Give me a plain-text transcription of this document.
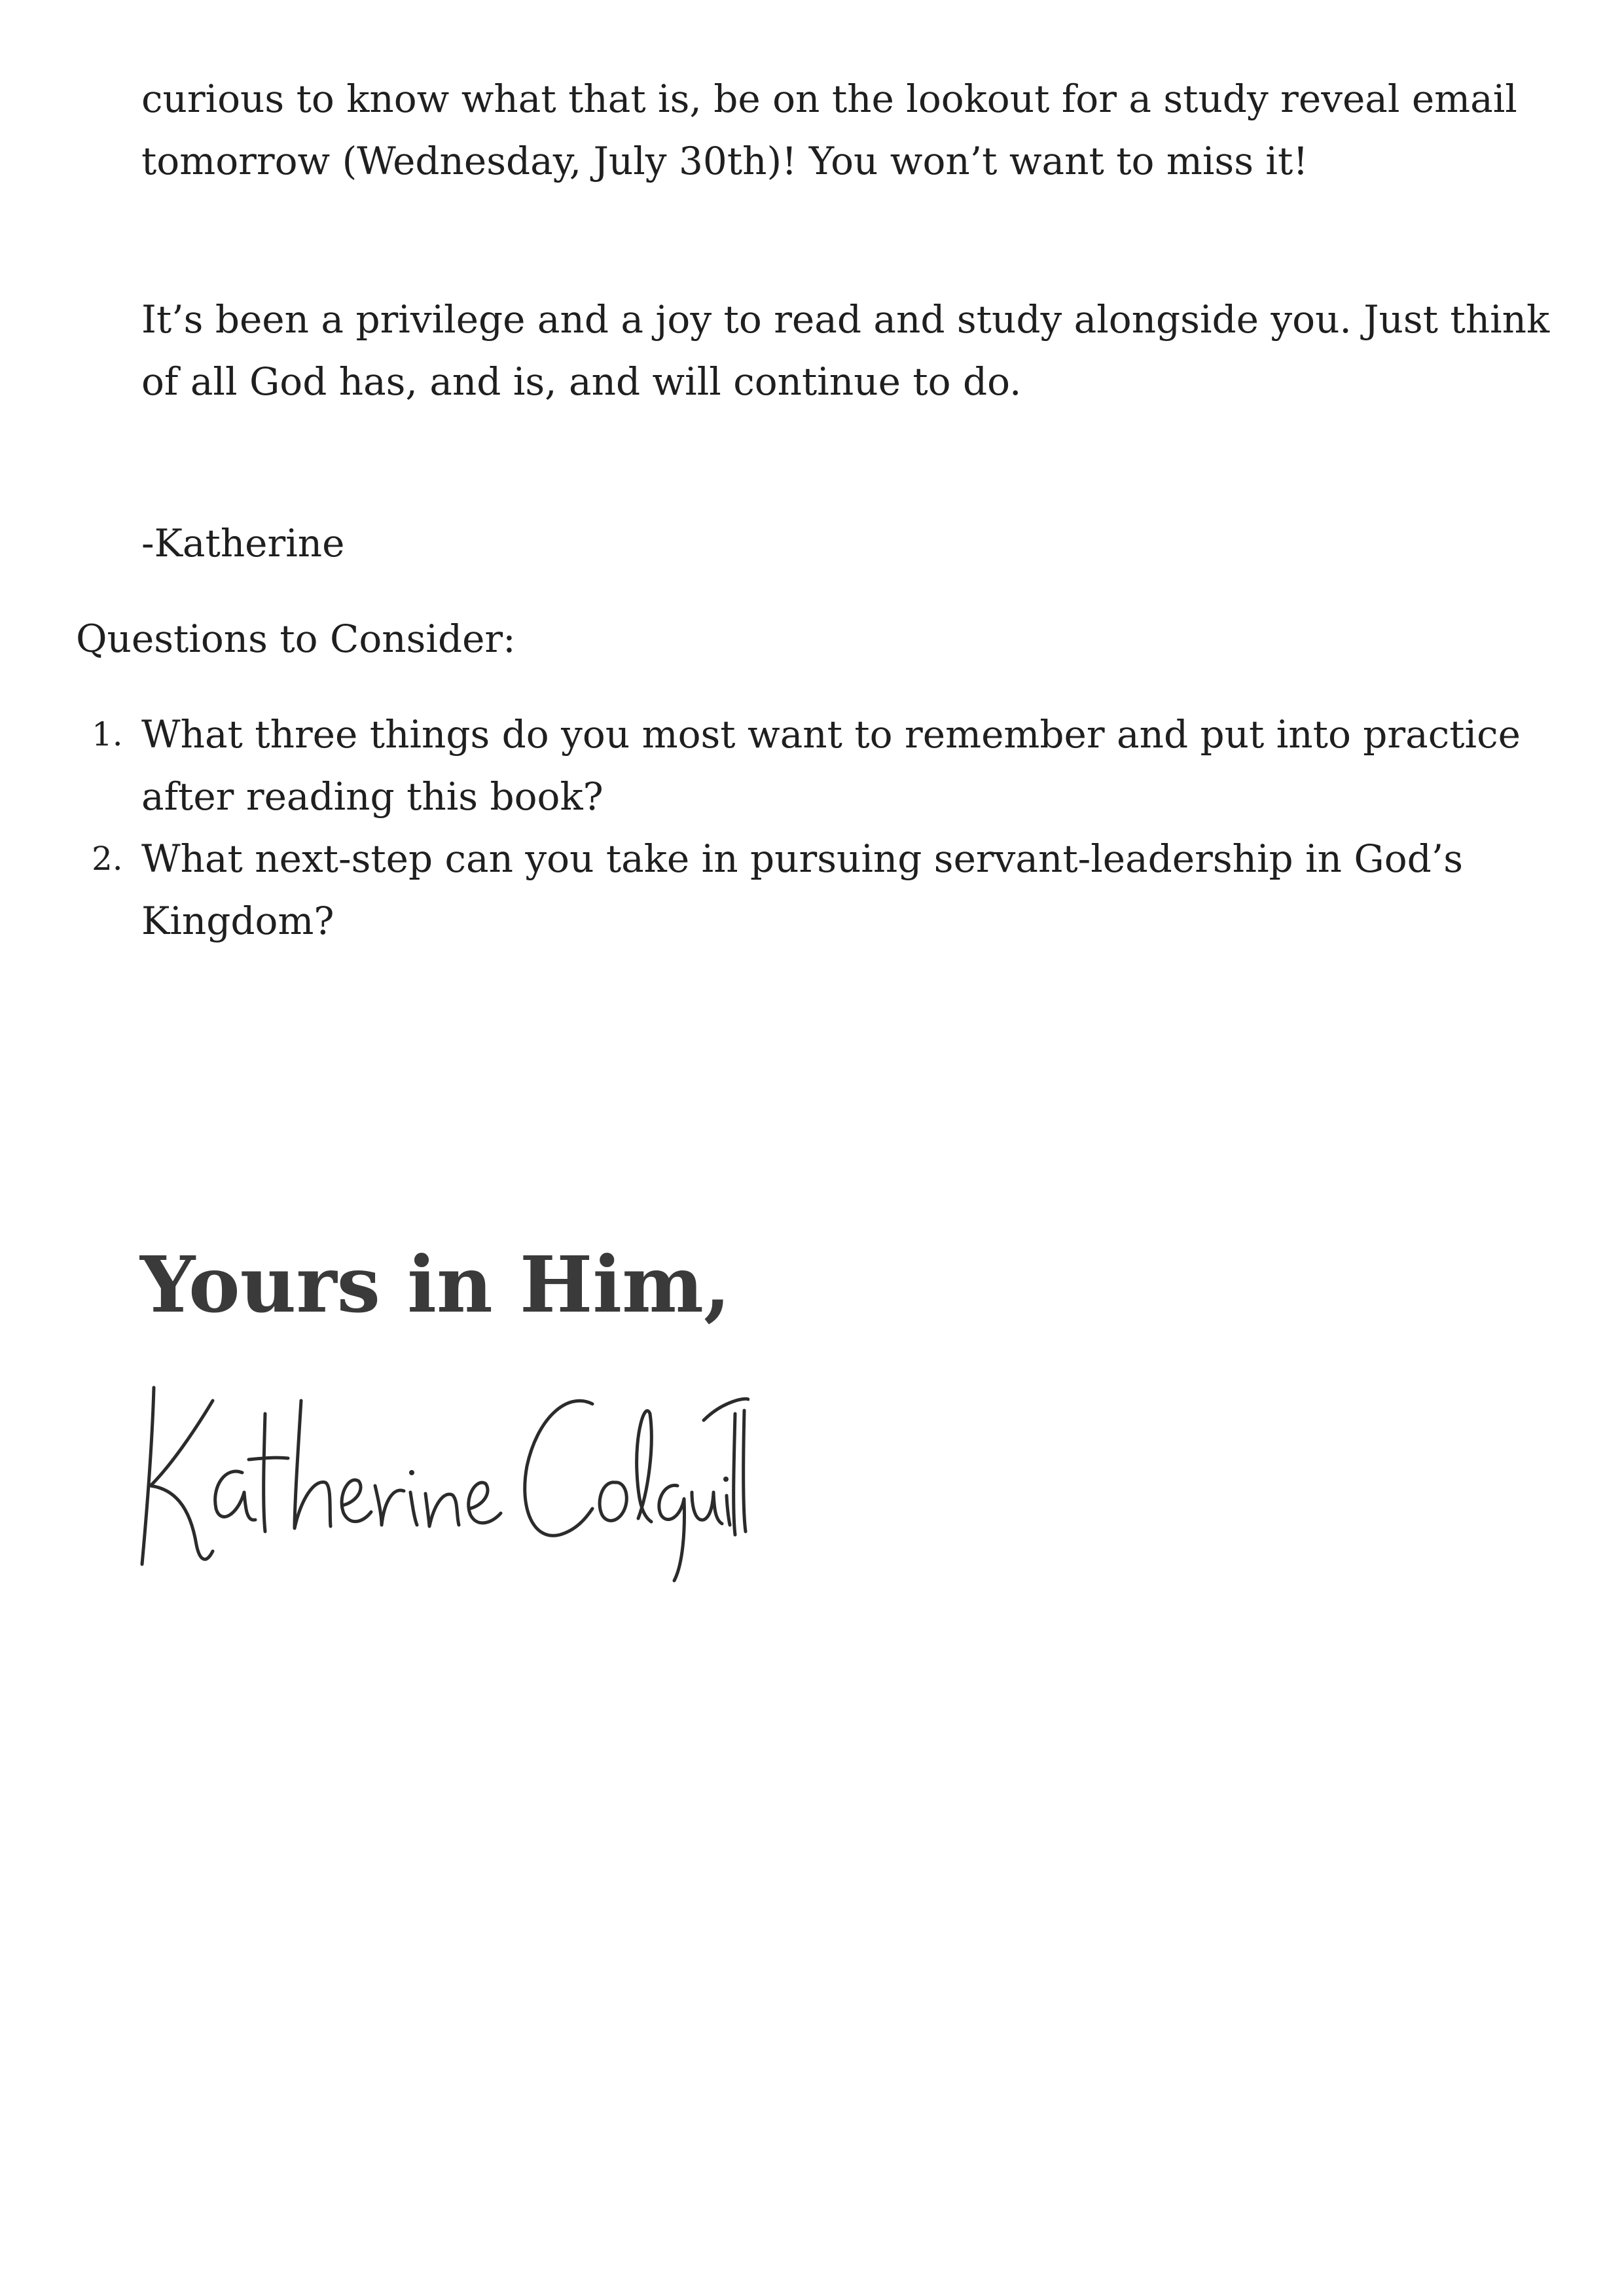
curious to know what that is, be on the lookout for a study reveal email tomorrow (Wednesday, July 30th)! You won’t want to miss it!

It’s been a privilege and a joy to read and study alongside you. Just think of all God has, and is, and will continue to do.

-Katherine

Questions to Consider:

1. What three things do you most want to remember and put into practice after reading this book?
2. What next-step can you take in pursuing servant-leadership in God’s Kingdom?
Yours in Him,
